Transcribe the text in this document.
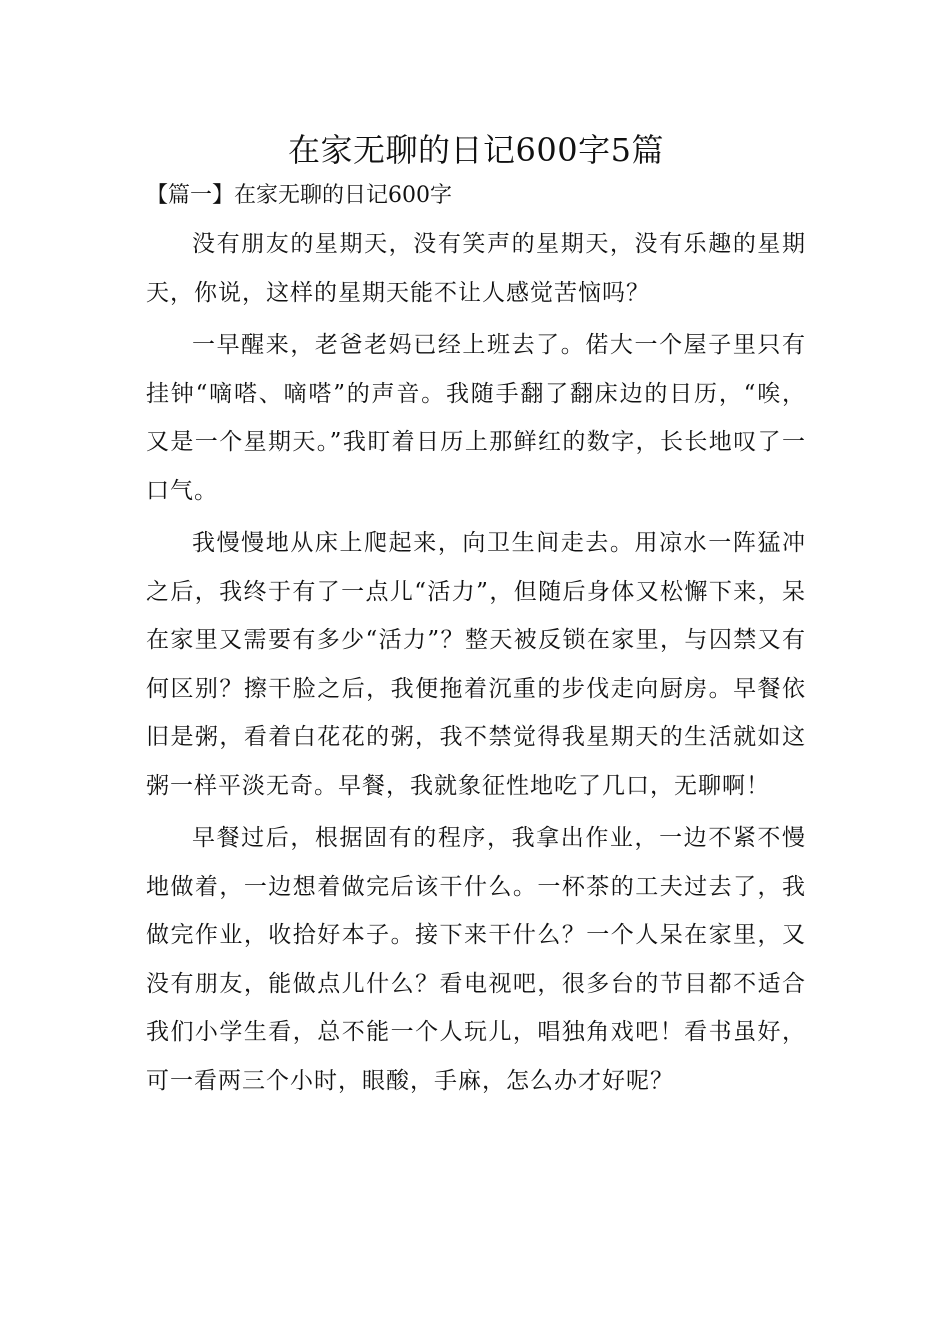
在家无聊的日记600字5篇
【篇一】在家无聊的日记600字

没有朋友的星期天，没有笑声的星期天，没有乐趣的星期天，你说，这样的星期天能不让人感觉苦恼吗？

一早醒来，老爸老妈已经上班去了。偌大一个屋子里只有挂钟“嘀嗒、嘀嗒”的声音。我随手翻了翻床边的日历，“唉，又是一个星期天。”我盯着日历上那鲜红的数字，长长地叹了一口气。

我慢慢地从床上爬起来，向卫生间走去。用凉水一阵猛冲之后，我终于有了一点儿“活力”，但随后身体又松懈下来，呆在家里又需要有多少“活力”？整天被反锁在家里，与囚禁又有何区别？擦干脸之后，我便拖着沉重的步伐走向厨房。早餐依旧是粥，看着白花花的粥，我不禁觉得我星期天的生活就如这粥一样平淡无奇。早餐，我就象征性地吃了几口，无聊啊！

早餐过后，根据固有的程序，我拿出作业，一边不紧不慢地做着，一边想着做完后该干什么。一杯茶的工夫过去了，我做完作业，收拾好本子。接下来干什么？一个人呆在家里，又没有朋友，能做点儿什么？看电视吧，很多台的节目都不适合我们小学生看，总不能一个人玩儿，唱独角戏吧！看书虽好，可一看两三个小时，眼酸，手麻，怎么办才好呢？
